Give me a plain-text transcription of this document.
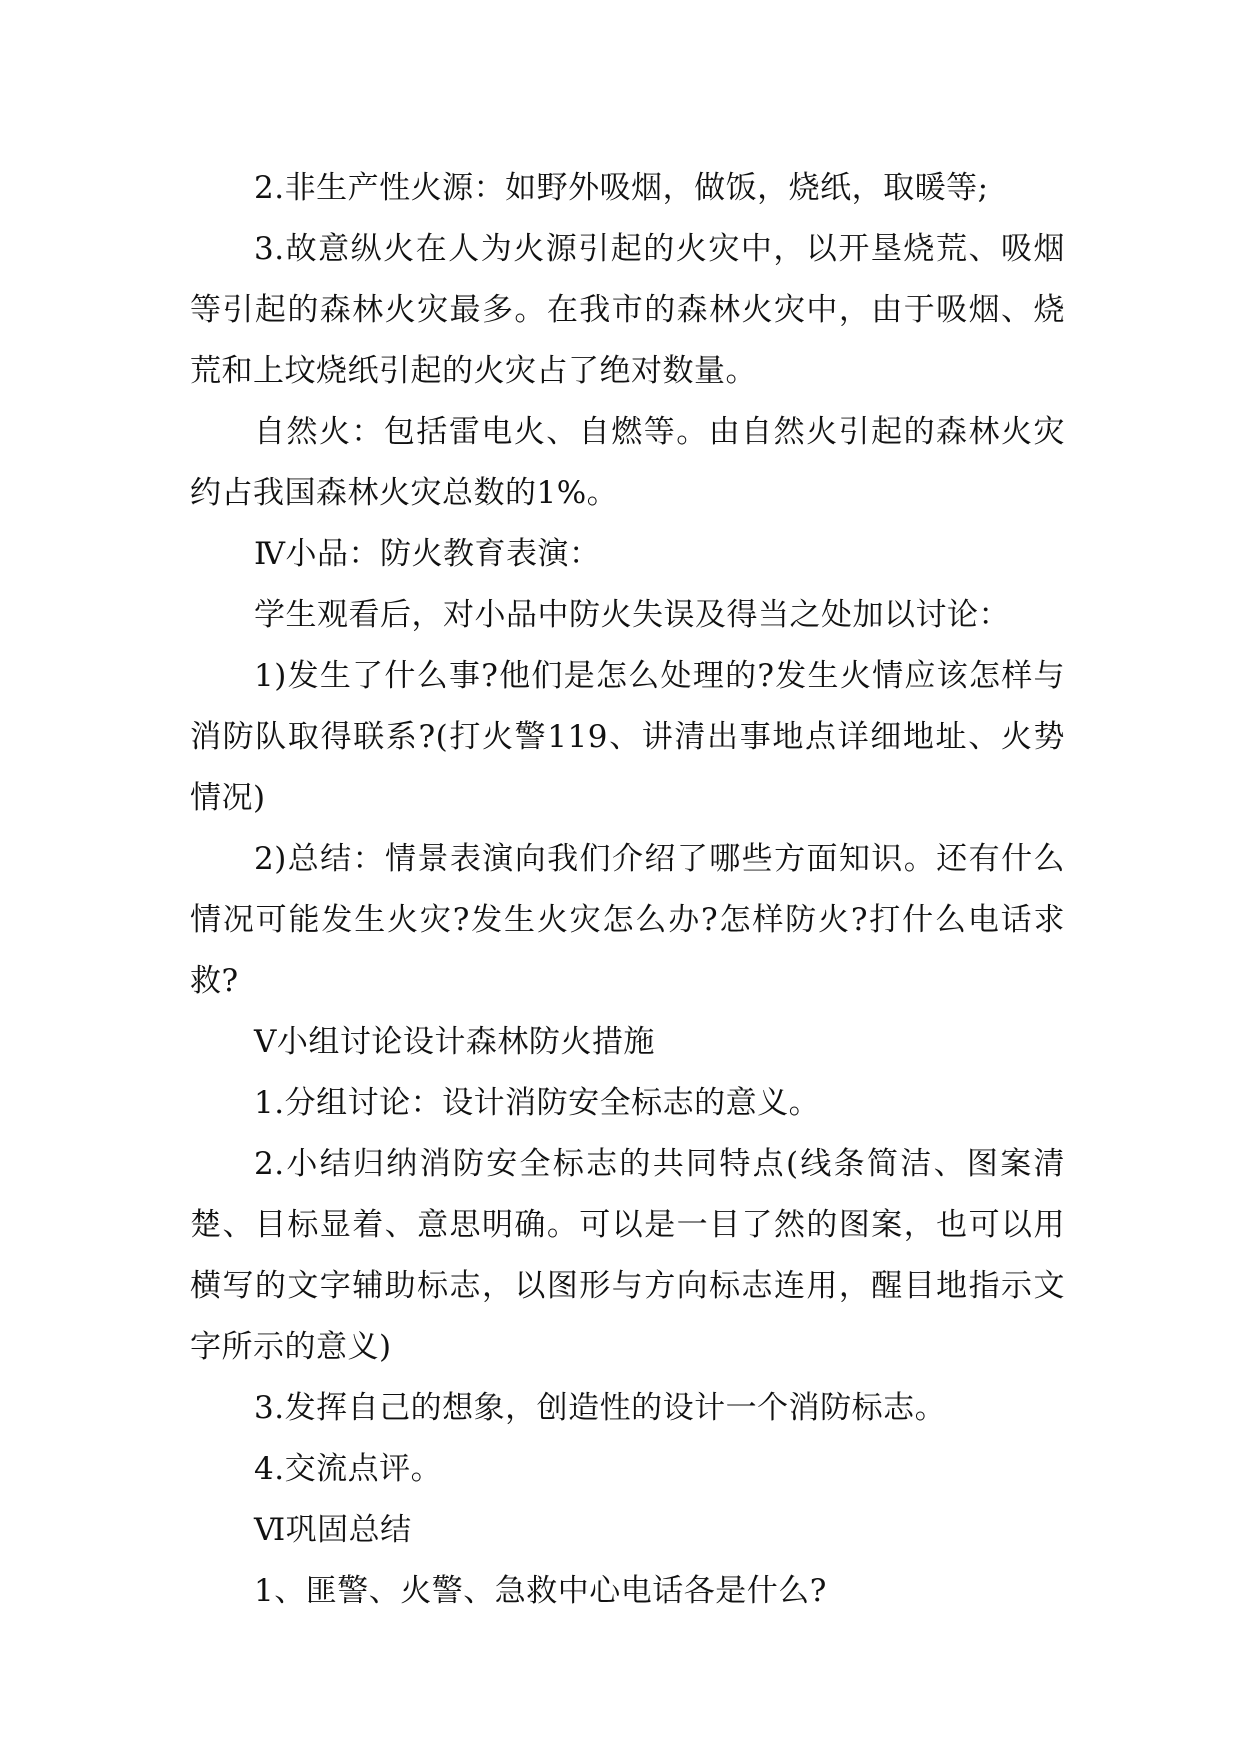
2.非生产性火源：如野外吸烟，做饭，烧纸，取暖等;

3.故意纵火在人为火源引起的火灾中，以开垦烧荒、吸烟等引起的森林火灾最多。在我市的森林火灾中，由于吸烟、烧荒和上坟烧纸引起的火灾占了绝对数量。

自然火：包括雷电火、自燃等。由自然火引起的森林火灾约占我国森林火灾总数的1%。

Ⅳ小品：防火教育表演：

学生观看后，对小品中防火失误及得当之处加以讨论：

1)发生了什么事?他们是怎么处理的?发生火情应该怎样与消防队取得联系?(打火警119、讲清出事地点详细地址、火势情况)

2)总结：情景表演向我们介绍了哪些方面知识。还有什么情况可能发生火灾?发生火灾怎么办?怎样防火?打什么电话求救?

Ⅴ小组讨论设计森林防火措施

1.分组讨论：设计消防安全标志的意义。

2.小结归纳消防安全标志的共同特点(线条简洁、图案清楚、目标显着、意思明确。可以是一目了然的图案，也可以用横写的文字辅助标志，以图形与方向标志连用，醒目地指示文字所示的意义)

3.发挥自己的想象，创造性的设计一个消防标志。

4.交流点评。

Ⅵ巩固总结

1、匪警、火警、急救中心电话各是什么?
